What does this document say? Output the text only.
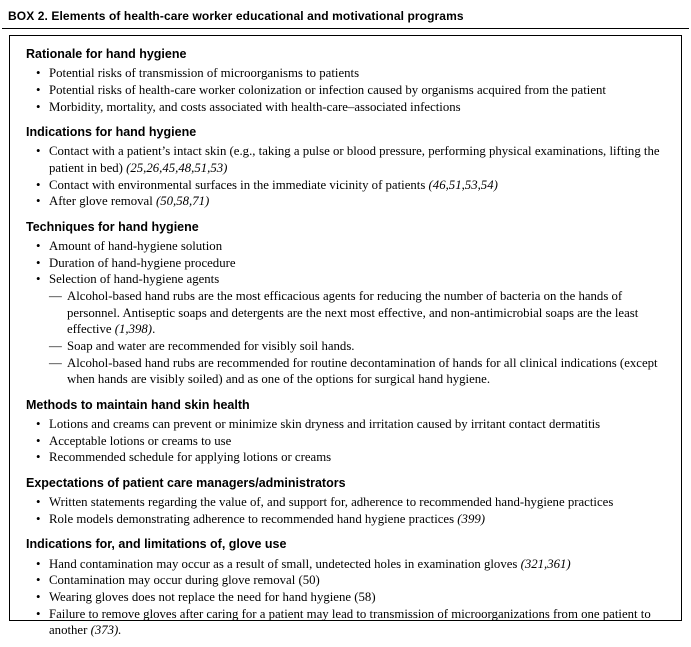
BOX 2. Elements of health-care worker educational and motivational programs
Rationale for hand hygiene
• Potential risks of transmission of microorganisms to patients
• Potential risks of health-care worker colonization or infection caused by organisms acquired from the patient
• Morbidity, mortality, and costs associated with health-care–associated infections
Indications for hand hygiene
• Contact with a patient’s intact skin (e.g., taking a pulse or blood pressure, performing physical examinations, lifting the patient in bed) (25,26,45,48,51,53)
• Contact with environmental surfaces in the immediate vicinity of patients (46,51,53,54)
• After glove removal (50,58,71)
Techniques for hand hygiene
• Amount of hand-hygiene solution
• Duration of hand-hygiene procedure
• Selection of hand-hygiene agents
— Alcohol-based hand rubs are the most efficacious agents for reducing the number of bacteria on the hands of personnel. Antiseptic soaps and detergents are the next most effective, and non-antimicrobial soaps are the least effective (1,398).
— Soap and water are recommended for visibly soil hands.
— Alcohol-based hand rubs are recommended for routine decontamination of hands for all clinical indications (except when hands are visibly soiled) and as one of the options for surgical hand hygiene.
Methods to maintain hand skin health
• Lotions and creams can prevent or minimize skin dryness and irritation caused by irritant contact dermatitis
• Acceptable lotions or creams to use
• Recommended schedule for applying lotions or creams
Expectations of patient care managers/administrators
• Written statements regarding the value of, and support for, adherence to recommended hand-hygiene practices
• Role models demonstrating adherence to recommended hand hygiene practices (399)
Indications for, and limitations of, glove use
• Hand contamination may occur as a result of small, undetected holes in examination gloves (321,361)
• Contamination may occur during glove removal (50)
• Wearing gloves does not replace the need for hand hygiene (58)
• Failure to remove gloves after caring for a patient may lead to transmission of microorganizations from one patient to another (373).
